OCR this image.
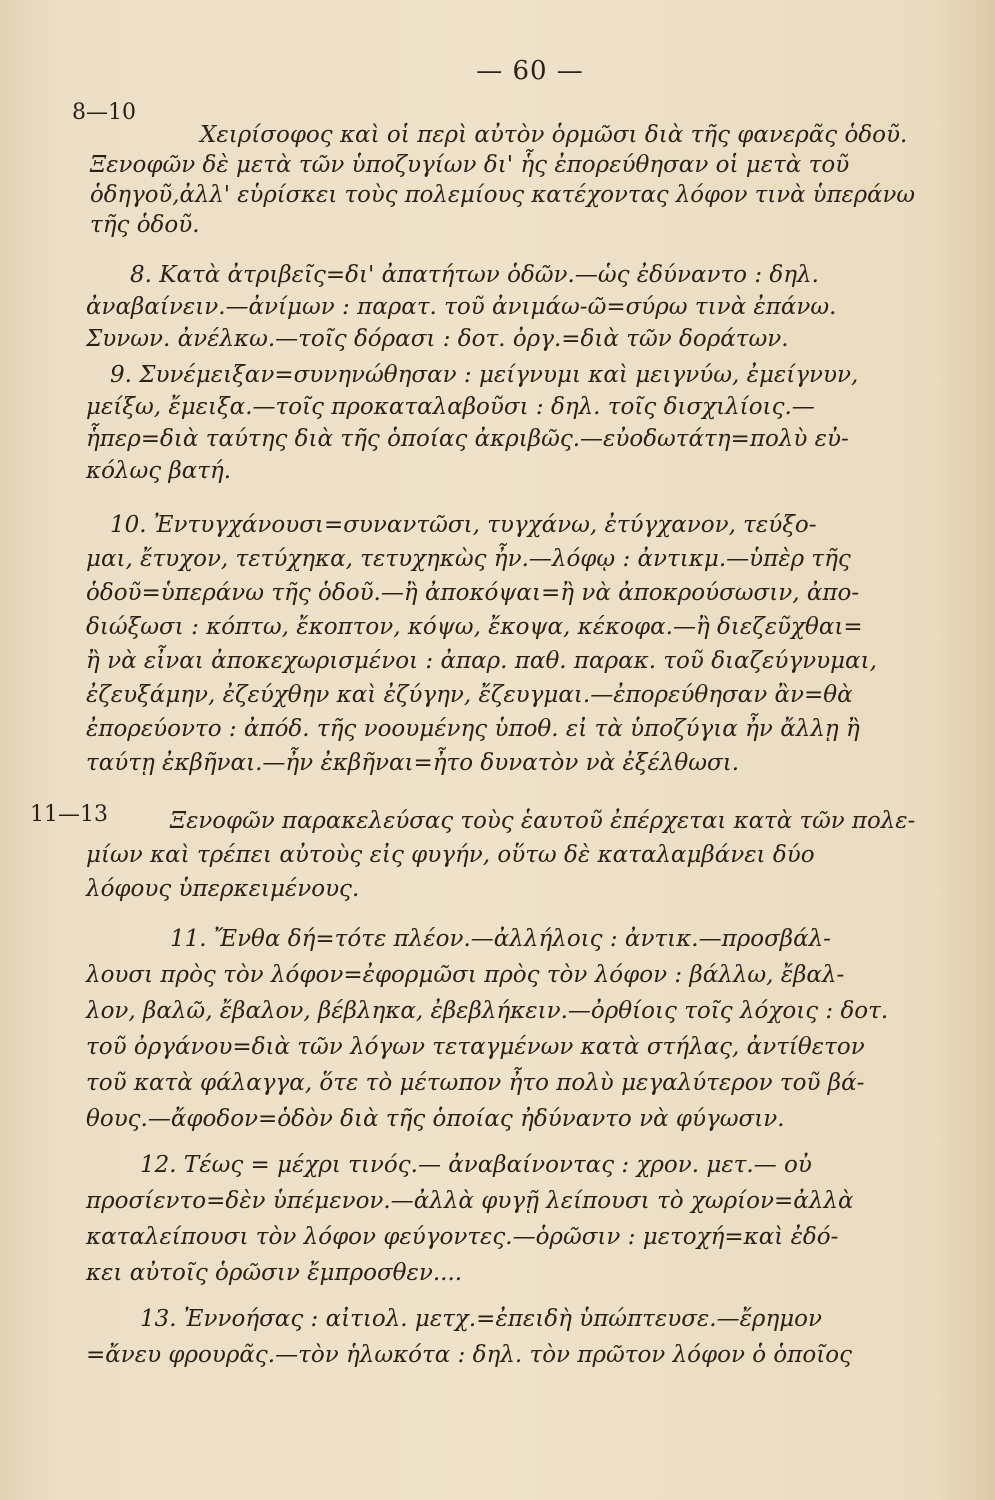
— 60 —
8—10
11—13
Χειρίσοφος καὶ οἱ περὶ αὐτὸν ὁρμῶσι διὰ τῆς φανερᾶς ὁδοῦ.
Ξενοφῶν δὲ μετὰ τῶν ὑποζυγίων δι' ἧς ἐπορεύθησαν οἱ μετὰ τοῦ
ὁδηγοῦ,ἀλλ' εὑρίσκει τοὺς πολεμίους κατέχοντας λόφον τινὰ ὑπεράνω
τῆς ὁδοῦ.
8. Κατὰ ἀτριβεῖς=δι' ἀπατήτων ὁδῶν.—ὡς ἐδύναντο : δηλ.
ἀναβαίνειν.—ἀνίμων : παρατ. τοῦ ἀνιμάω-ῶ=σύρω τινὰ ἐπάνω.
Συνων. ἀνέλκω.—τοῖς δόρασι : δοτ. ὀργ.=διὰ τῶν δοράτων.
9. Συνέμειξαν=συνηνώθησαν : μείγνυμι καὶ μειγνύω, ἐμείγνυν,
μείξω, ἔμειξα.—τοῖς προκαταλαβοῦσι : δηλ. τοῖς δισχιλίοις.—
ἧπερ=διὰ ταύτης διὰ τῆς ὁποίας ἀκριβῶς.—εὐοδωτάτη=πολὺ εὐ-
κόλως βατή.
10. Ἐντυγχάνουσι=συναντῶσι, τυγχάνω, ἐτύγχανον, τεύξο-
μαι, ἔτυχον, τετύχηκα, τετυχηκὼς ἦν.—λόφῳ : ἀντικμ.—ὑπὲρ τῆς
ὁδοῦ=ὑπεράνω τῆς ὁδοῦ.—ἢ ἀποκόψαι=ἢ νὰ ἀποκρούσωσιν, ἀπο-
διώξωσι : κόπτω, ἔκοπτον, κόψω, ἔκοψα, κέκοφα.—ἢ διεζεῦχθαι=
ἢ νὰ εἶναι ἀποκεχωρισμένοι : ἀπαρ. παθ. παρακ. τοῦ διαζεύγνυμαι,
ἐζευξάμην, ἐζεύχθην καὶ ἐζύγην, ἔζευγμαι.—ἐπορεύθησαν ἂν=θὰ
ἐπορεύοντο : ἀπόδ. τῆς νοουμένης ὑποθ. εἰ τὰ ὑποζύγια ἦν ἄλλῃ ἢ
ταύτῃ ἐκβῆναι.—ἦν ἐκβῆναι=ἦτο δυνατὸν νὰ ἐξέλθωσι.
Ξενοφῶν παρακελεύσας τοὺς ἑαυτοῦ ἐπέρχεται κατὰ τῶν πολε-
μίων καὶ τρέπει αὐτοὺς εἰς φυγήν, οὕτω δὲ καταλαμβάνει δύο
λόφους ὑπερκειμένους.
11. Ἔνθα δή=τότε πλέον.—ἀλλήλοις : ἀντικ.—προσβάλ-
λουσι πρὸς τὸν λόφον=ἐφορμῶσι πρὸς τὸν λόφον : βάλλω, ἔβαλ-
λον, βαλῶ, ἔβαλον, βέβληκα, ἐβεβλήκειν.—ὀρθίοις τοῖς λόχοις : δοτ.
τοῦ ὀργάνου=διὰ τῶν λόγων τεταγμένων κατὰ στήλας, ἀντίθετον
τοῦ κατὰ φάλαγγα, ὅτε τὸ μέτωπον ἦτο πολὺ μεγαλύτερον τοῦ βά-
θους.—ἄφοδον=ὁδὸν διὰ τῆς ὁποίας ἠδύναντο νὰ φύγωσιν.
12. Τέως = μέχρι τινός.— ἀναβαίνοντας : χρον. μετ.— οὐ
προσίεντο=δὲν ὑπέμενον.—ἀλλὰ φυγῇ λείπουσι τὸ χωρίον=ἀλλὰ
καταλείπουσι τὸν λόφον φεύγοντες.—ὁρῶσιν : μετοχή=καὶ ἐδό-
κει αὐτοῖς ὁρῶσιν ἔμπροσθεν....
13. Ἐννοήσας : αἰτιολ. μετχ.=ἐπειδὴ ὑπώπτευσε.—ἔρημον
=ἄνευ φρουρᾶς.—τὸν ἡλωκότα : δηλ. τὸν πρῶτον λόφον ὁ ὁποῖος
